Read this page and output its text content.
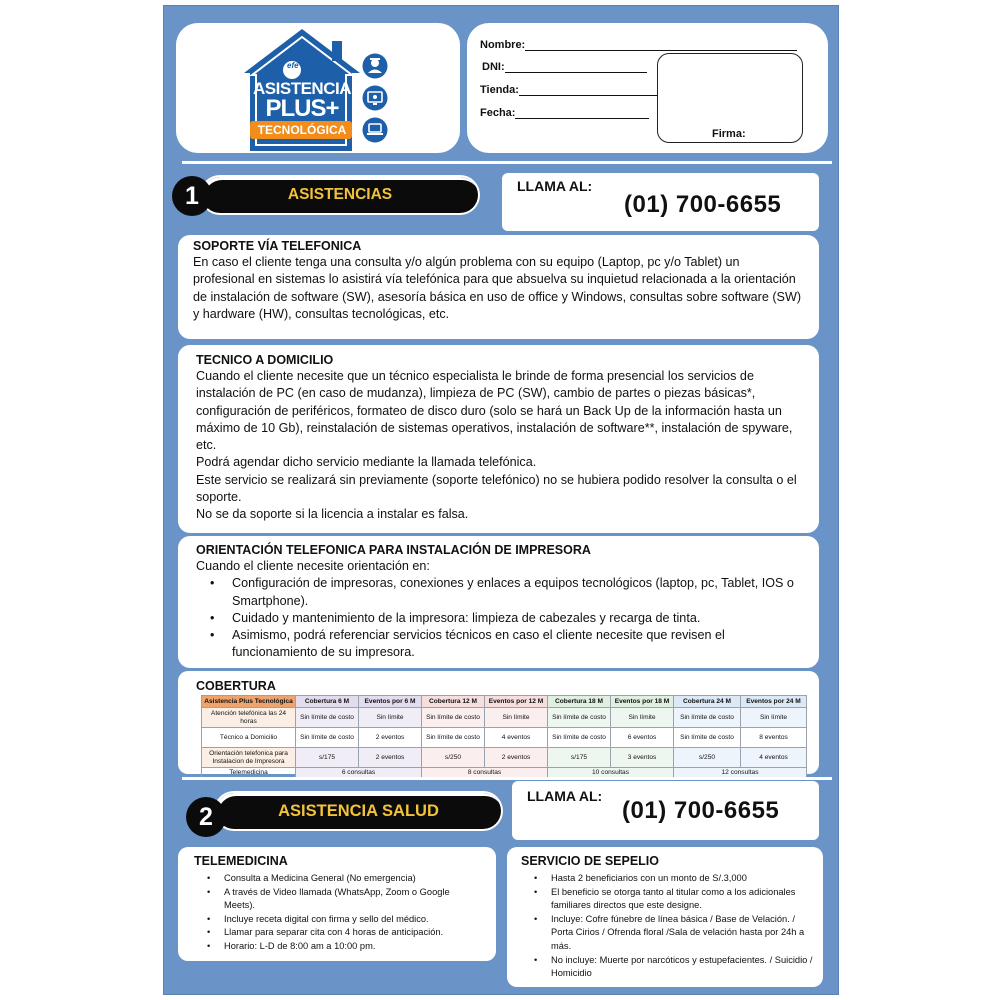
efe
ASISTENCIA
PLUS+
TECNOLÓGICA
Nombre:
DNI:
Tienda:
Fecha:
Firma:
1	ASISTENCIAS	LLAMA AL:
(01) 700-6655
SOPORTE VÍA TELEFONICA
En caso el cliente tenga una consulta y/o algún problema con su equipo (Laptop, pc y/o Tablet) un profesional en sistemas lo asistirá vía telefónica para que absuelva su inquietud relacionada a la orientación de instalación de software (SW), asesoría básica en uso de office y Windows, consultas sobre software (SW) y hardware (HW), consultas tecnológicas, etc.
TECNICO A DOMICILIO

Cuando el cliente necesite que un técnico especialista le brinde de forma presencial los servicios de instalación de PC (en caso de mudanza), limpieza de PC (SW), cambio de partes o piezas básicas*, configuración de periféricos, formateo de disco duro (solo se hará un Back Up de la información hasta un máximo de 10 Gb), reinstalación de sistemas operativos, instalación de software**, instalación de spyware, etc.

Podrá agendar dicho servicio mediante la llamada telefónica.

Este servicio se realizará sin previamente (soporte telefónico) no se hubiera podido resolver la consulta o el soporte.

No se da soporte si la licencia a instalar es falsa.

ORIENTACIÓN TELEFONICA PARA INSTALACIÓN DE IMPRESORA

Cuando el cliente necesite orientación en:

• Configuración de impresoras, conexiones y enlaces a equipos tecnológicos (laptop, pc, Tablet, IOS o Smartphone).
• Cuidado y mantenimiento de la impresora: limpieza de cabezales y recarga de tinta.
• Asimismo, podrá referenciar servicios técnicos en caso el cliente necesite que revisen el funcionamiento de su impresora.
COBERTURA
Asistencia Plus Tecnológica	Cobertura 6 M	Eventos por 6 M	Cobertura 12 M	Eventos por 12 M	Cobertura 18 M	Eventos por 18 M	Cobertura 24 M	Eventos por 24 M
Atención telefónica las 24 horas	Sin límite de costo	Sin límite	Sin límite de costo	Sin límite	Sin límite de costo	Sin límite	Sin límite de costo	Sin límite
Técnico a Domicilio	Sin límite de costo	2 eventos	Sin límite de costo	4 eventos	Sin límite de costo	6 eventos	Sin límite de costo	8 eventos
Orientación telefonica para Instalacion de Impresora	s/175	2 eventos	s/250	2 eventos	s/175	3 eventos	s/250	4 eventos
Telemedicina	6 consultas		8 consultas		10 consultas		12 consultas	
2	ASISTENCIA SALUD
LLAMA AL:
(01) 700-6655
TELEMEDICINA
• Consulta a Medicina General (No emergencia)
• A través de Video llamada (WhatsApp, Zoom o Google Meets).
• Incluye receta digital con firma y sello del médico.
• Llamar para separar cita con 4 horas de anticipación.
• Horario: L-D de 8:00 am a 10:00 pm.
SERVICIO DE SEPELIO
• Hasta 2 beneficiarios con un monto de S/.3,000
• El beneficio se otorga tanto al titular como a los adicionales familiares directos que este designe.
• Incluye: Cofre fúnebre de línea básica / Base de Velación. / Porta Cirios / Ofrenda floral /Sala de velación hasta por 24h a más.
• No incluye: Muerte por narcóticos y estupefacientes. / Suicidio / Homicidio
